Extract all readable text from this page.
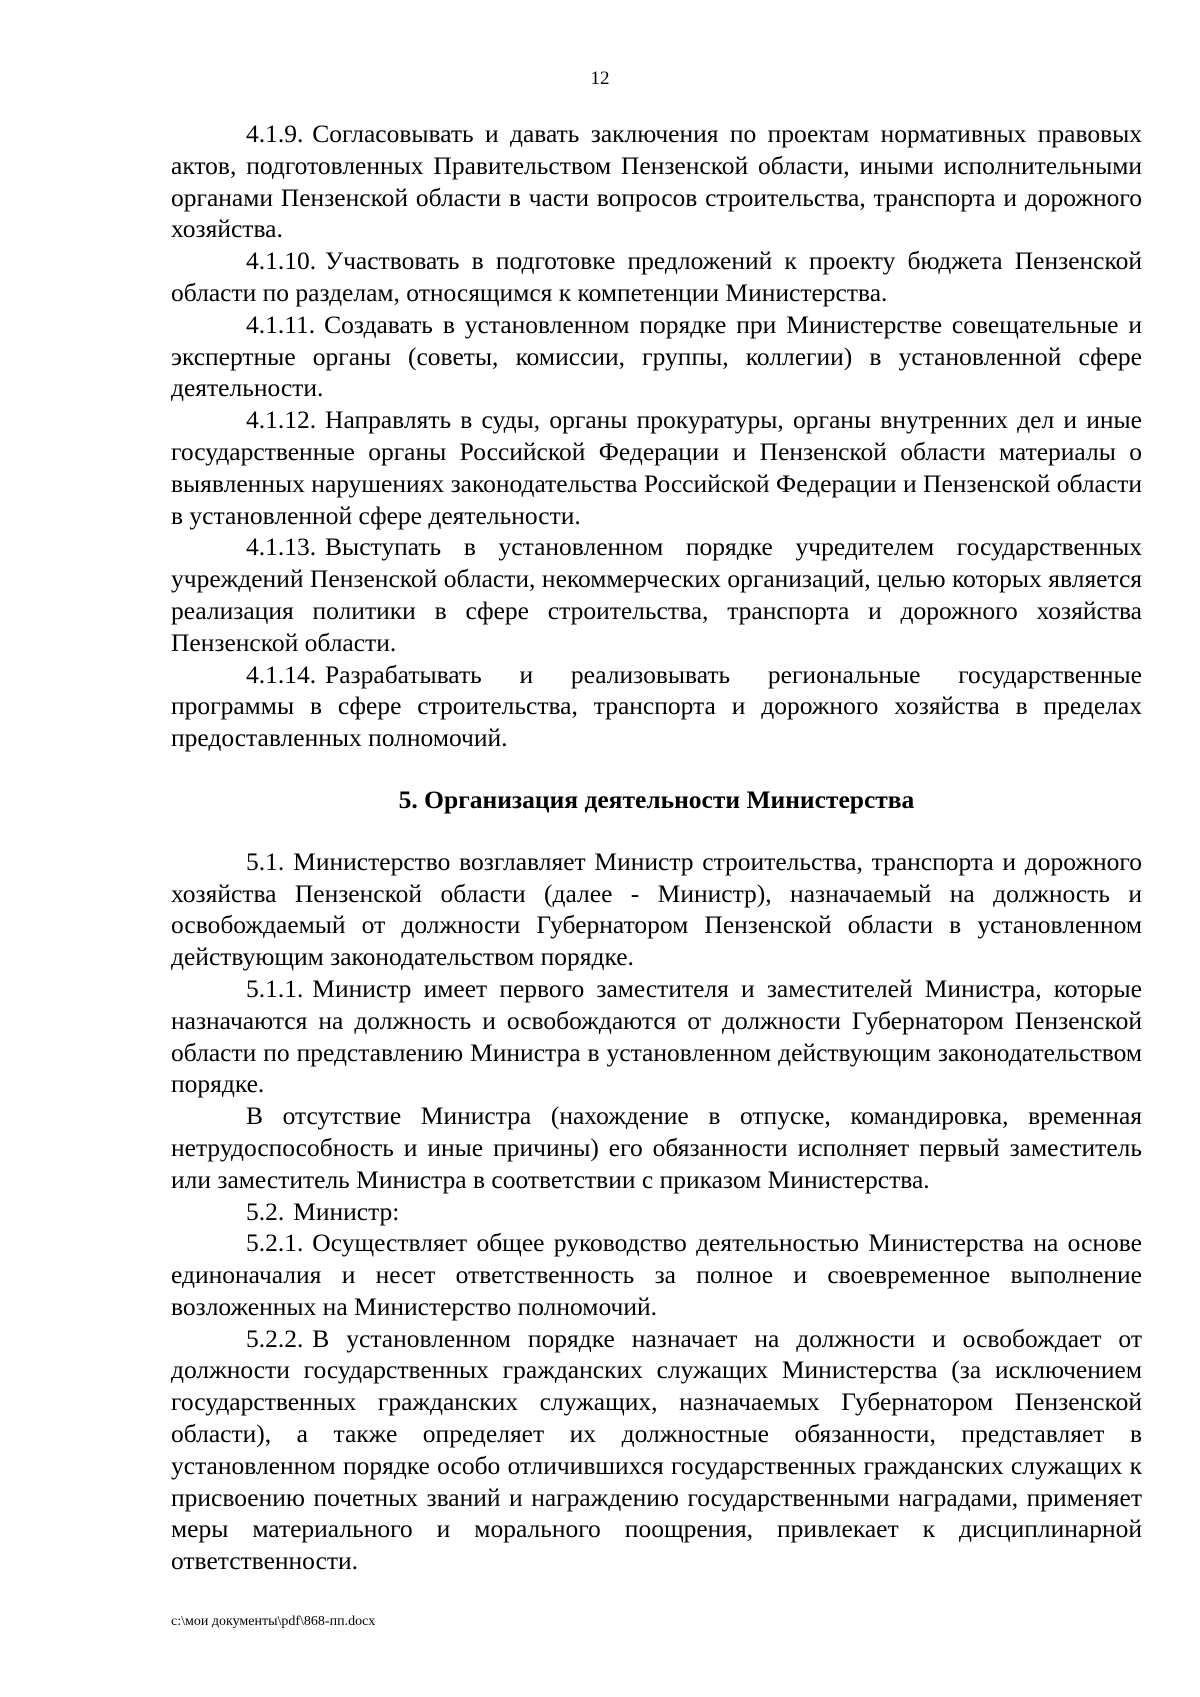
12

4.1.9. Согласовывать и давать заключения по проектам нормативных правовых актов, подготовленных Правительством Пензенской области, иными исполнительными органами Пензенской области в части вопросов строительства, транспорта и дорожного хозяйства.

4.1.10. Участвовать в подготовке предложений к проекту бюджета Пензенской области по разделам, относящимся к компетенции Министерства.

4.1.11. Создавать в установленном порядке при Министерстве совещательные и экспертные органы (советы, комиссии, группы, коллегии) в установленной сфере деятельности.

4.1.12. Направлять в суды, органы прокуратуры, органы внутренних дел и иные государственные органы Российской Федерации и Пензенской области материалы о выявленных нарушениях законодательства Российской Федерации и Пензенской области в установленной сфере деятельности.

4.1.13. Выступать в установленном порядке учредителем государственных учреждений Пензенской области, некоммерческих организаций, целью которых является реализация политики в сфере строительства, транспорта и дорожного хозяйства Пензенской области.

4.1.14. Разрабатывать и реализовывать региональные государственные программы в сфере строительства, транспорта и дорожного хозяйства в пределах предоставленных полномочий.

5. Организация деятельности Министерства

5.1. Министерство возглавляет Министр строительства, транспорта и дорожного хозяйства Пензенской области (далее - Министр), назначаемый на должность и освобождаемый от должности Губернатором Пензенской области в установленном действующим законодательством порядке.

5.1.1. Министр имеет первого заместителя и заместителей Министра, которые назначаются на должность и освобождаются от должности Губернатором Пензенской области по представлению Министра в установленном действующим законодательством порядке.

В отсутствие Министра (нахождение в отпуске, командировка, временная нетрудоспособность и иные причины) его обязанности исполняет первый заместитель или заместитель Министра в соответствии с приказом Министерства.

5.2. Министр:

5.2.1. Осуществляет общее руководство деятельностью Министерства на основе единоначалия и несет ответственность за полное и своевременное выполнение возложенных на Министерство полномочий.

5.2.2. В установленном порядке назначает на должности и освобождает от должности государственных гражданских служащих Министерства (за исключением государственных гражданских служащих, назначаемых Губернатором Пензенской области), а также определяет их должностные обязанности, представляет в установленном порядке особо отличившихся государственных гражданских служащих к присвоению почетных званий и награждению государственными наградами, применяет меры материального и морального поощрения, привлекает к дисциплинарной ответственности.

c:\мои документы\pdf\868-пп.docx
